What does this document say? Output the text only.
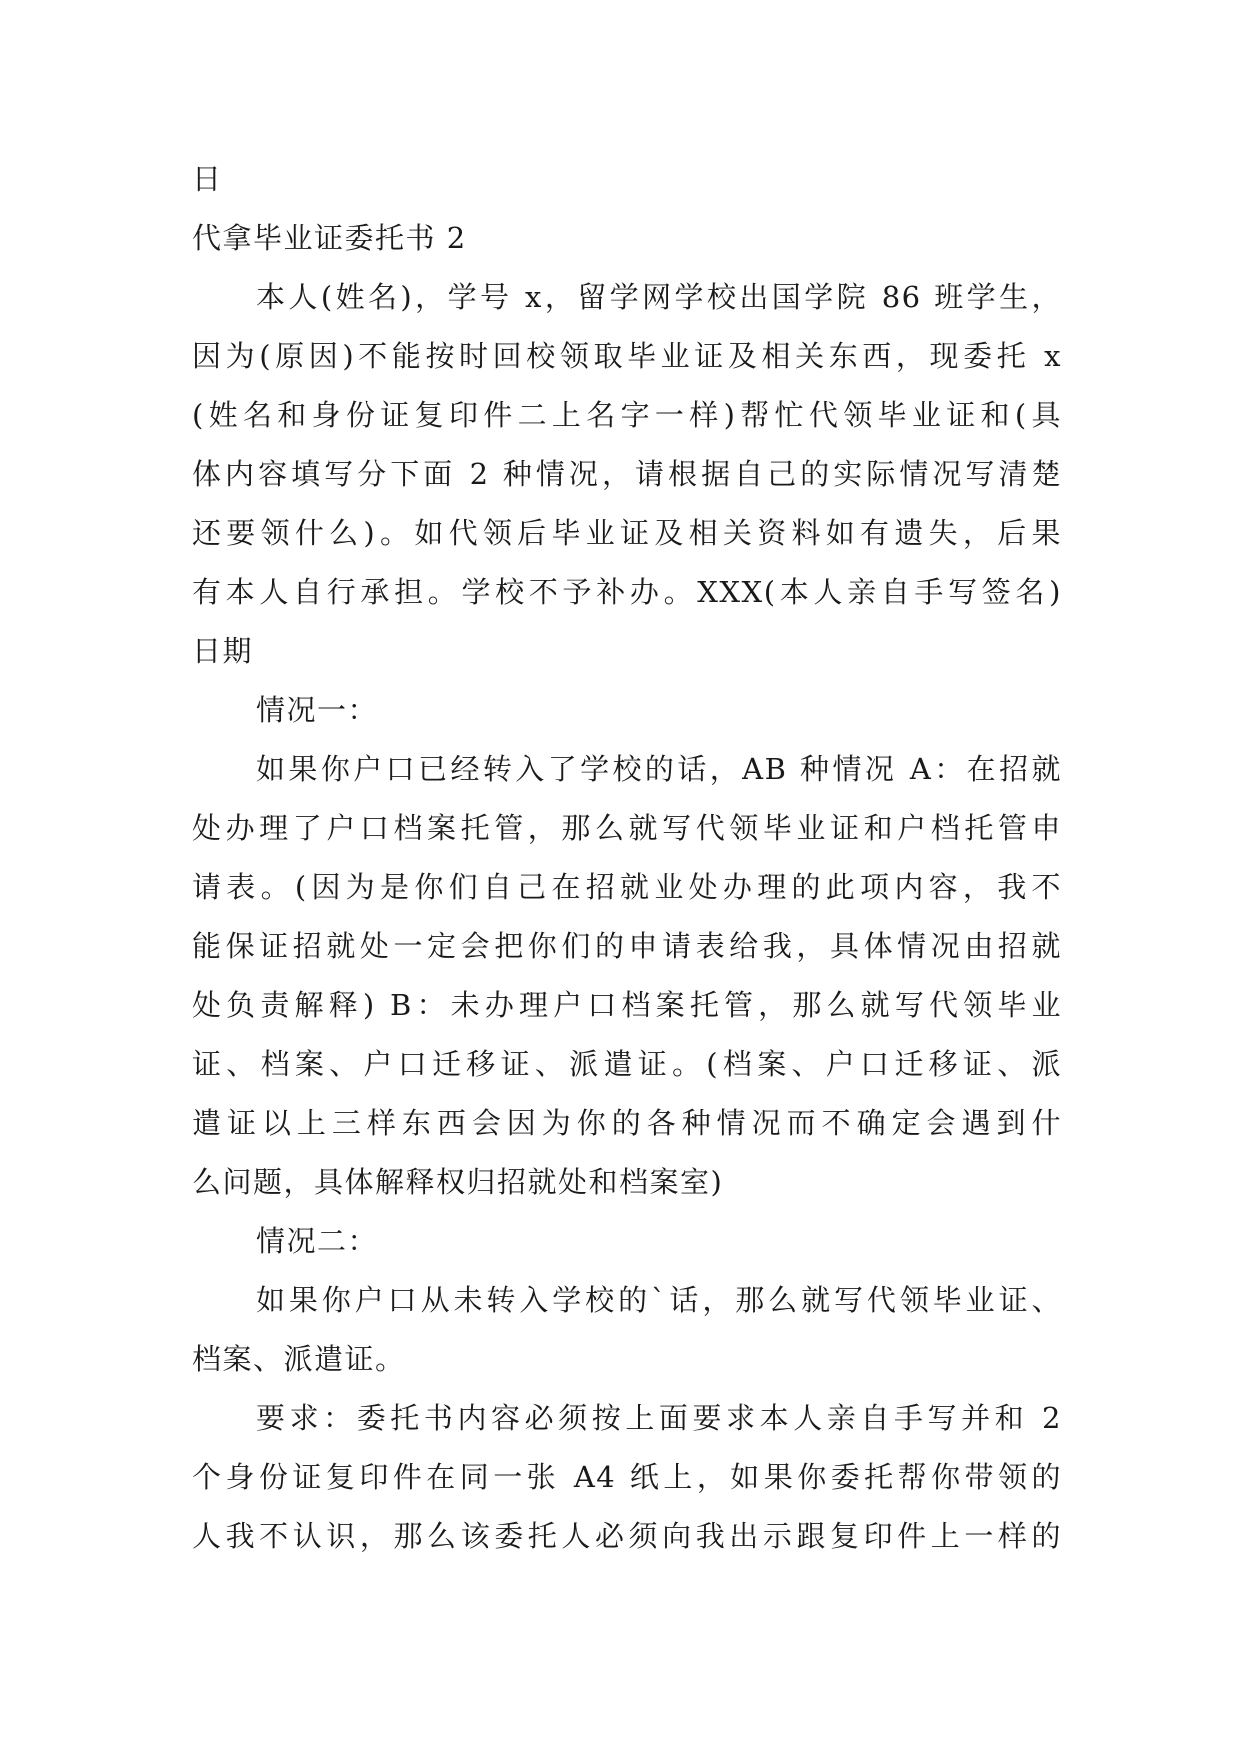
日
代拿毕业证委托书 2
本人(姓名)，学号 x，留学网学校出国学院 86 班学生，
因为(原因)不能按时回校领取毕业证及相关东西，现委托 x
(姓名和身份证复印件二上名字一样)帮忙代领毕业证和(具
体内容填写分下面 2 种情况，请根据自己的实际情况写清楚
还要领什么)。如代领后毕业证及相关资料如有遗失，后果
有本人自行承担。学校不予补办。XXX(本人亲自手写签名)
日期
情况一：
如果你户口已经转入了学校的话，AB 种情况 A：在招就
处办理了户口档案托管，那么就写代领毕业证和户档托管申
请表。(因为是你们自己在招就业处办理的此项内容，我不
能保证招就处一定会把你们的申请表给我，具体情况由招就
处负责解释) B：未办理户口档案托管，那么就写代领毕业
证、档案、户口迁移证、派遣证。(档案、户口迁移证、派
遣证以上三样东西会因为你的各种情况而不确定会遇到什
么问题，具体解释权归招就处和档案室)
情况二：
如果你户口从未转入学校的`话，那么就写代领毕业证、
档案、派遣证。
要求：委托书内容必须按上面要求本人亲自手写并和 2
个身份证复印件在同一张 A4 纸上，如果你委托帮你带领的
人我不认识，那么该委托人必须向我出示跟复印件上一样的
